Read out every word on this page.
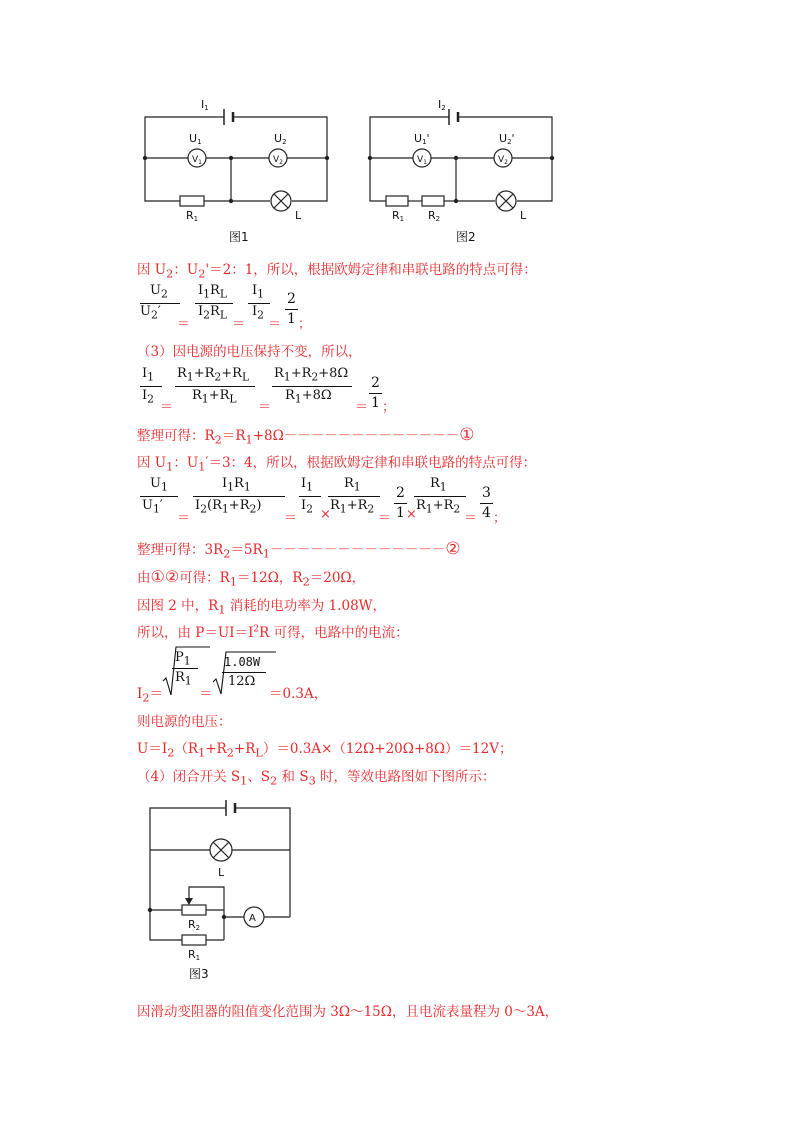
I1
U1	U2
$V_1$	$V_2$
R1	L
图1
I2
U1'	U2'
$V_1$	$V_2$
R1 R2	L
图2
因 $U_2$：$U_2'=2$：1，所以，根据欧姆定律和串联电路的特点可得：
$U_2$
$U_2'$
＝
$I_1R_L$
$I_2R_L$
＝
$I_1$
$I_2$
＝
2
1 ；
（3）因电源的电压保持不变，所以，
$I_1$
$I_2$
＝
$R_1+R_2+R_L$
$R_1+R_L$
＝
$R_1+R_2+8\Omega$
$R_1+8\Omega$
＝
2
1 ；
整理可得：$R_2=R_1+8\Omega-------------①$
因 $U_1$：$U_1'=3$：4，所以，根据欧姆定律和串联电路的特点可得：
$U_1$
$U_1'$
＝
$I_1R_1$
$I_2(R_1+R_2)$
＝
$I_1$
$I_2$ ×
$R_1$
$R_1+R_2$
＝
2
1 ×
$R_1$
$R_1+R_2$
＝
3
4 ；
整理可得：$3R_2=5R_1-------------②$
由①②可得：$R_1=12\Omega$，$R_2=20\Omega$，
因图 2 中，$R_1$ 消耗的电功率为 1.08W，
所以，由 $P=UI=I^2R$ 可得，电路中的电流：
$I_2=$
$P_1$
$R_1$
＝
1.08W
12Ω
＝0.3A，
则电源的电压：
$U=I_2(R_1+R_2+R_L)=0.3A\times(12\Omega+20\Omega+8\Omega)=12V$；
（4）闭合开关 $S_1$、$S_2$ 和 $S_3$ 时，等效电路图如下图所示：
L
R2
R1
A
图3
因滑动变阻器的阻值变化范围为 3Ω～15Ω，且电流表量程为 0～3A，
